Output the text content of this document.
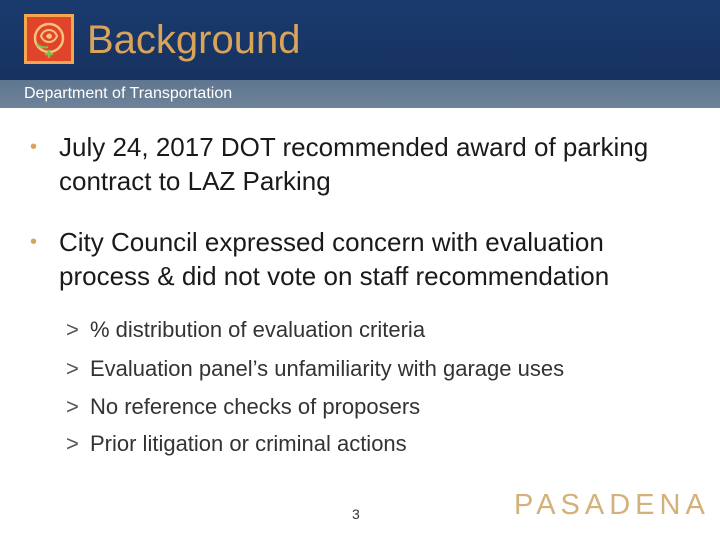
Background
Department of Transportation
• July 24, 2017 DOT recommended award of parking contract to LAZ Parking
• City Council expressed concern with evaluation process & did not vote on staff recommendation
> % distribution of evaluation criteria
> Evaluation panel’s unfamiliarity with garage uses
> No reference checks of proposers
> Prior litigation or criminal actions
3	PASADENA
